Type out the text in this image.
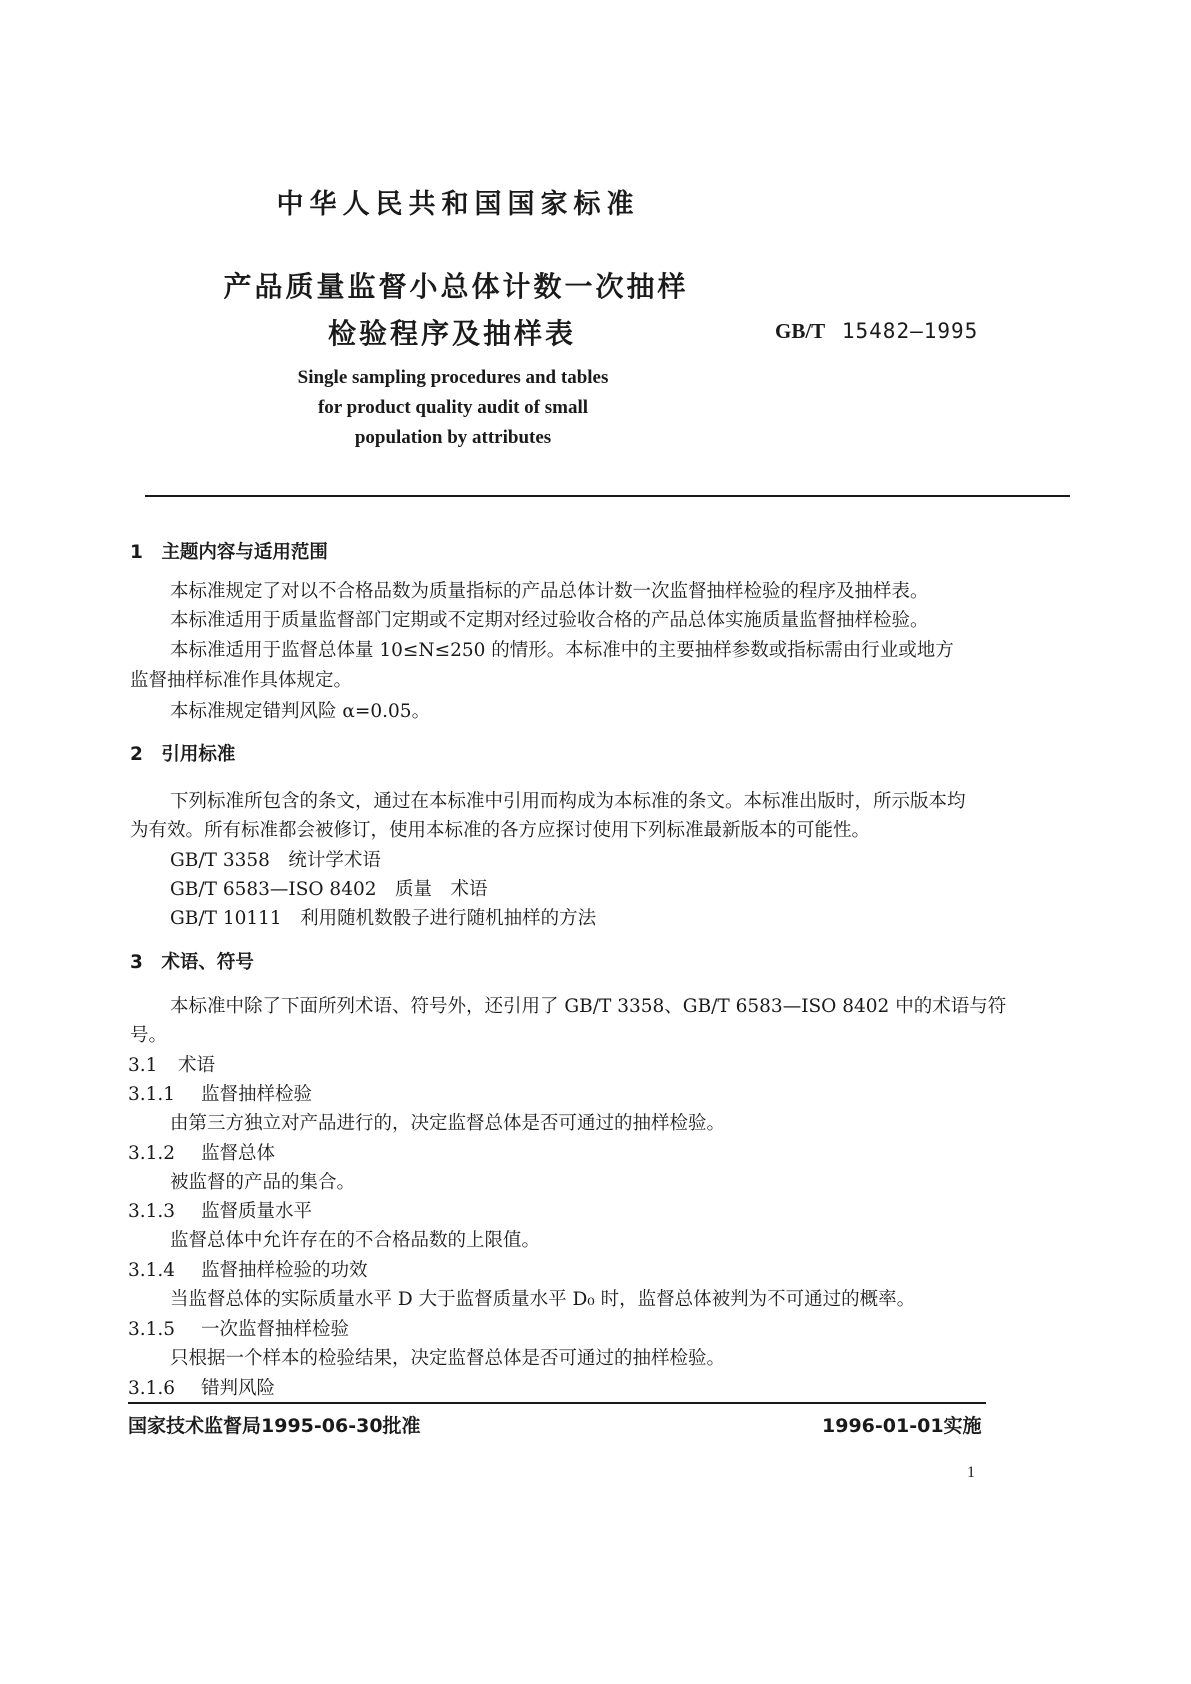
中华人民共和国国家标准
产品质量监督小总体计数一次抽样
检验程序及抽样表	GB/T 15482—1995
Single sampling procedures and tables
for product quality audit of small
population by attributes
1　主题内容与适用范围
本标准规定了对以不合格品数为质量指标的产品总体计数一次监督抽样检验的程序及抽样表。
本标准适用于质量监督部门定期或不定期对经过验收合格的产品总体实施质量监督抽样检验。
本标准适用于监督总体量 10≤N≤250 的情形。本标准中的主要抽样参数或指标需由行业或地方
监督抽样标准作具体规定。
本标准规定错判风险 α=0.05。
2　引用标准
下列标准所包含的条文，通过在本标准中引用而构成为本标准的条文。本标准出版时，所示版本均
为有效。所有标准都会被修订，使用本标准的各方应探讨使用下列标准最新版本的可能性。
GB/T 3358　统计学术语
GB/T 6583—ISO 8402　质量　术语
GB/T 10111　利用随机数骰子进行随机抽样的方法
3　术语、符号
本标准中除了下面所列术语、符号外，还引用了 GB/T 3358、GB/T 6583—ISO 8402 中的术语与符
号。
3.1 术语
3.1.1 监督抽样检验
由第三方独立对产品进行的，决定监督总体是否可通过的抽样检验。
3.1.2 监督总体
被监督的产品的集合。
3.1.3 监督质量水平
监督总体中允许存在的不合格品数的上限值。
3.1.4 监督抽样检验的功效
当监督总体的实际质量水平 D 大于监督质量水平 D₀ 时，监督总体被判为不可通过的概率。
3.1.5 一次监督抽样检验
只根据一个样本的检验结果，决定监督总体是否可通过的抽样检验。
3.1.6 错判风险
国家技术监督局1995-06-30批准	1996-01-01实施
1
